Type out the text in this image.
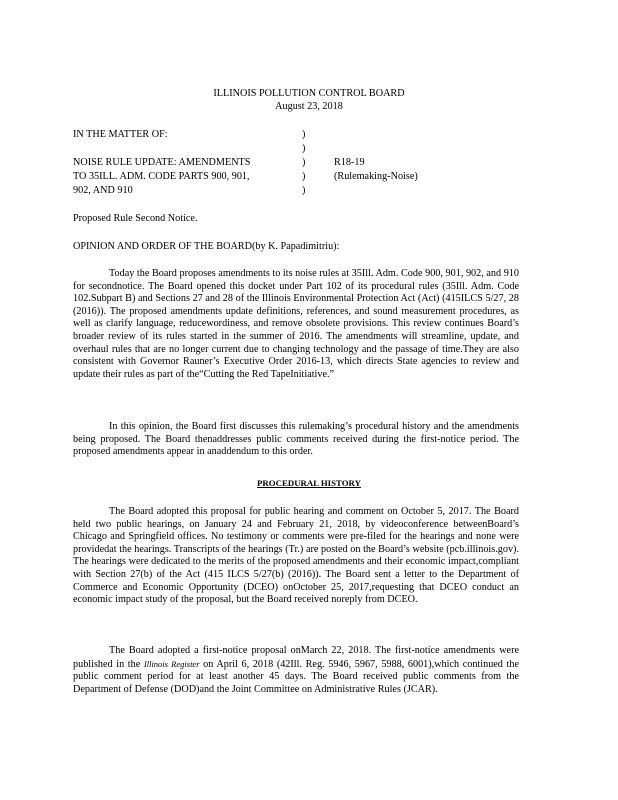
ILLINOIS POLLUTION CONTROL BOARD
August 23, 2018
IN THE MATTER OF:
NOISE RULE UPDATE: AMENDMENTS
TO 35ILL. ADM. CODE PARTS 900, 901,
902, AND 910
)
)
)
)
)
R18-19
(Rulemaking-Noise)
Proposed Rule Second Notice.
OPINION AND ORDER OF THE BOARD(by K. Papadimitriu):

Today the Board proposes amendments to its noise rules at 35Ill. Adm. Code 900, 901, 902, and 910 for secondnotice. The Board opened this docket under Part 102 of its procedural rules (35Ill. Adm. Code 102.Subpart B) and Sections 27 and 28 of the Illinois Environmental Protection Act (Act) (415ILCS 5/27, 28 (2016)). The proposed amendments update definitions, references, and sound measurement procedures, as well as clarify language, reducewordiness, and remove obsolete provisions. This review continues Board’s broader review of its rules started in the summer of 2016. The amendments will streamline, update, and overhaul rules that are no longer current due to changing technology and the passage of time.They are also consistent with Governor Rauner’s Executive Order 2016-13, which directs State agencies to review and update their rules as part of the“Cutting the Red TapeInitiative.”

In this opinion, the Board first discusses this rulemaking’s procedural history and the amendments being proposed. The Board thenaddresses public comments received during the first-notice period. The proposed amendments appear in anaddendum to this order.

PROCEDURAL HISTORY

The Board adopted this proposal for public hearing and comment on October 5, 2017. The Board held two public hearings, on January 24 and February 21, 2018, by videoconference betweenBoard’s Chicago and Springfield offices. No testimony or comments were pre-filed for the hearings and none were providedat the hearings. Transcripts of the hearings (Tr.) are posted on the Board’s website (pcb.illinois.gov). The hearings were dedicated to the merits of the proposed amendments and their economic impact,compliant with Section 27(b) of the Act (415 ILCS 5/27(b) (2016)). The Board sent a letter to the Department of Commerce and Economic Opportunity (DCEO) onOctober 25, 2017,requesting that DCEO conduct an economic impact study of the proposal, but the Board received noreply from DCEO.

The Board adopted a first-notice proposal onMarch 22, 2018. The first-notice amendments were published in the Illinois Register on April 6, 2018 (42Ill. Reg. 5946, 5967, 5988, 6001),which continued the public comment period for at least another 45 days. The Board received public comments from the Department of Defense (DOD)and the Joint Committee on Administrative Rules (JCAR).
